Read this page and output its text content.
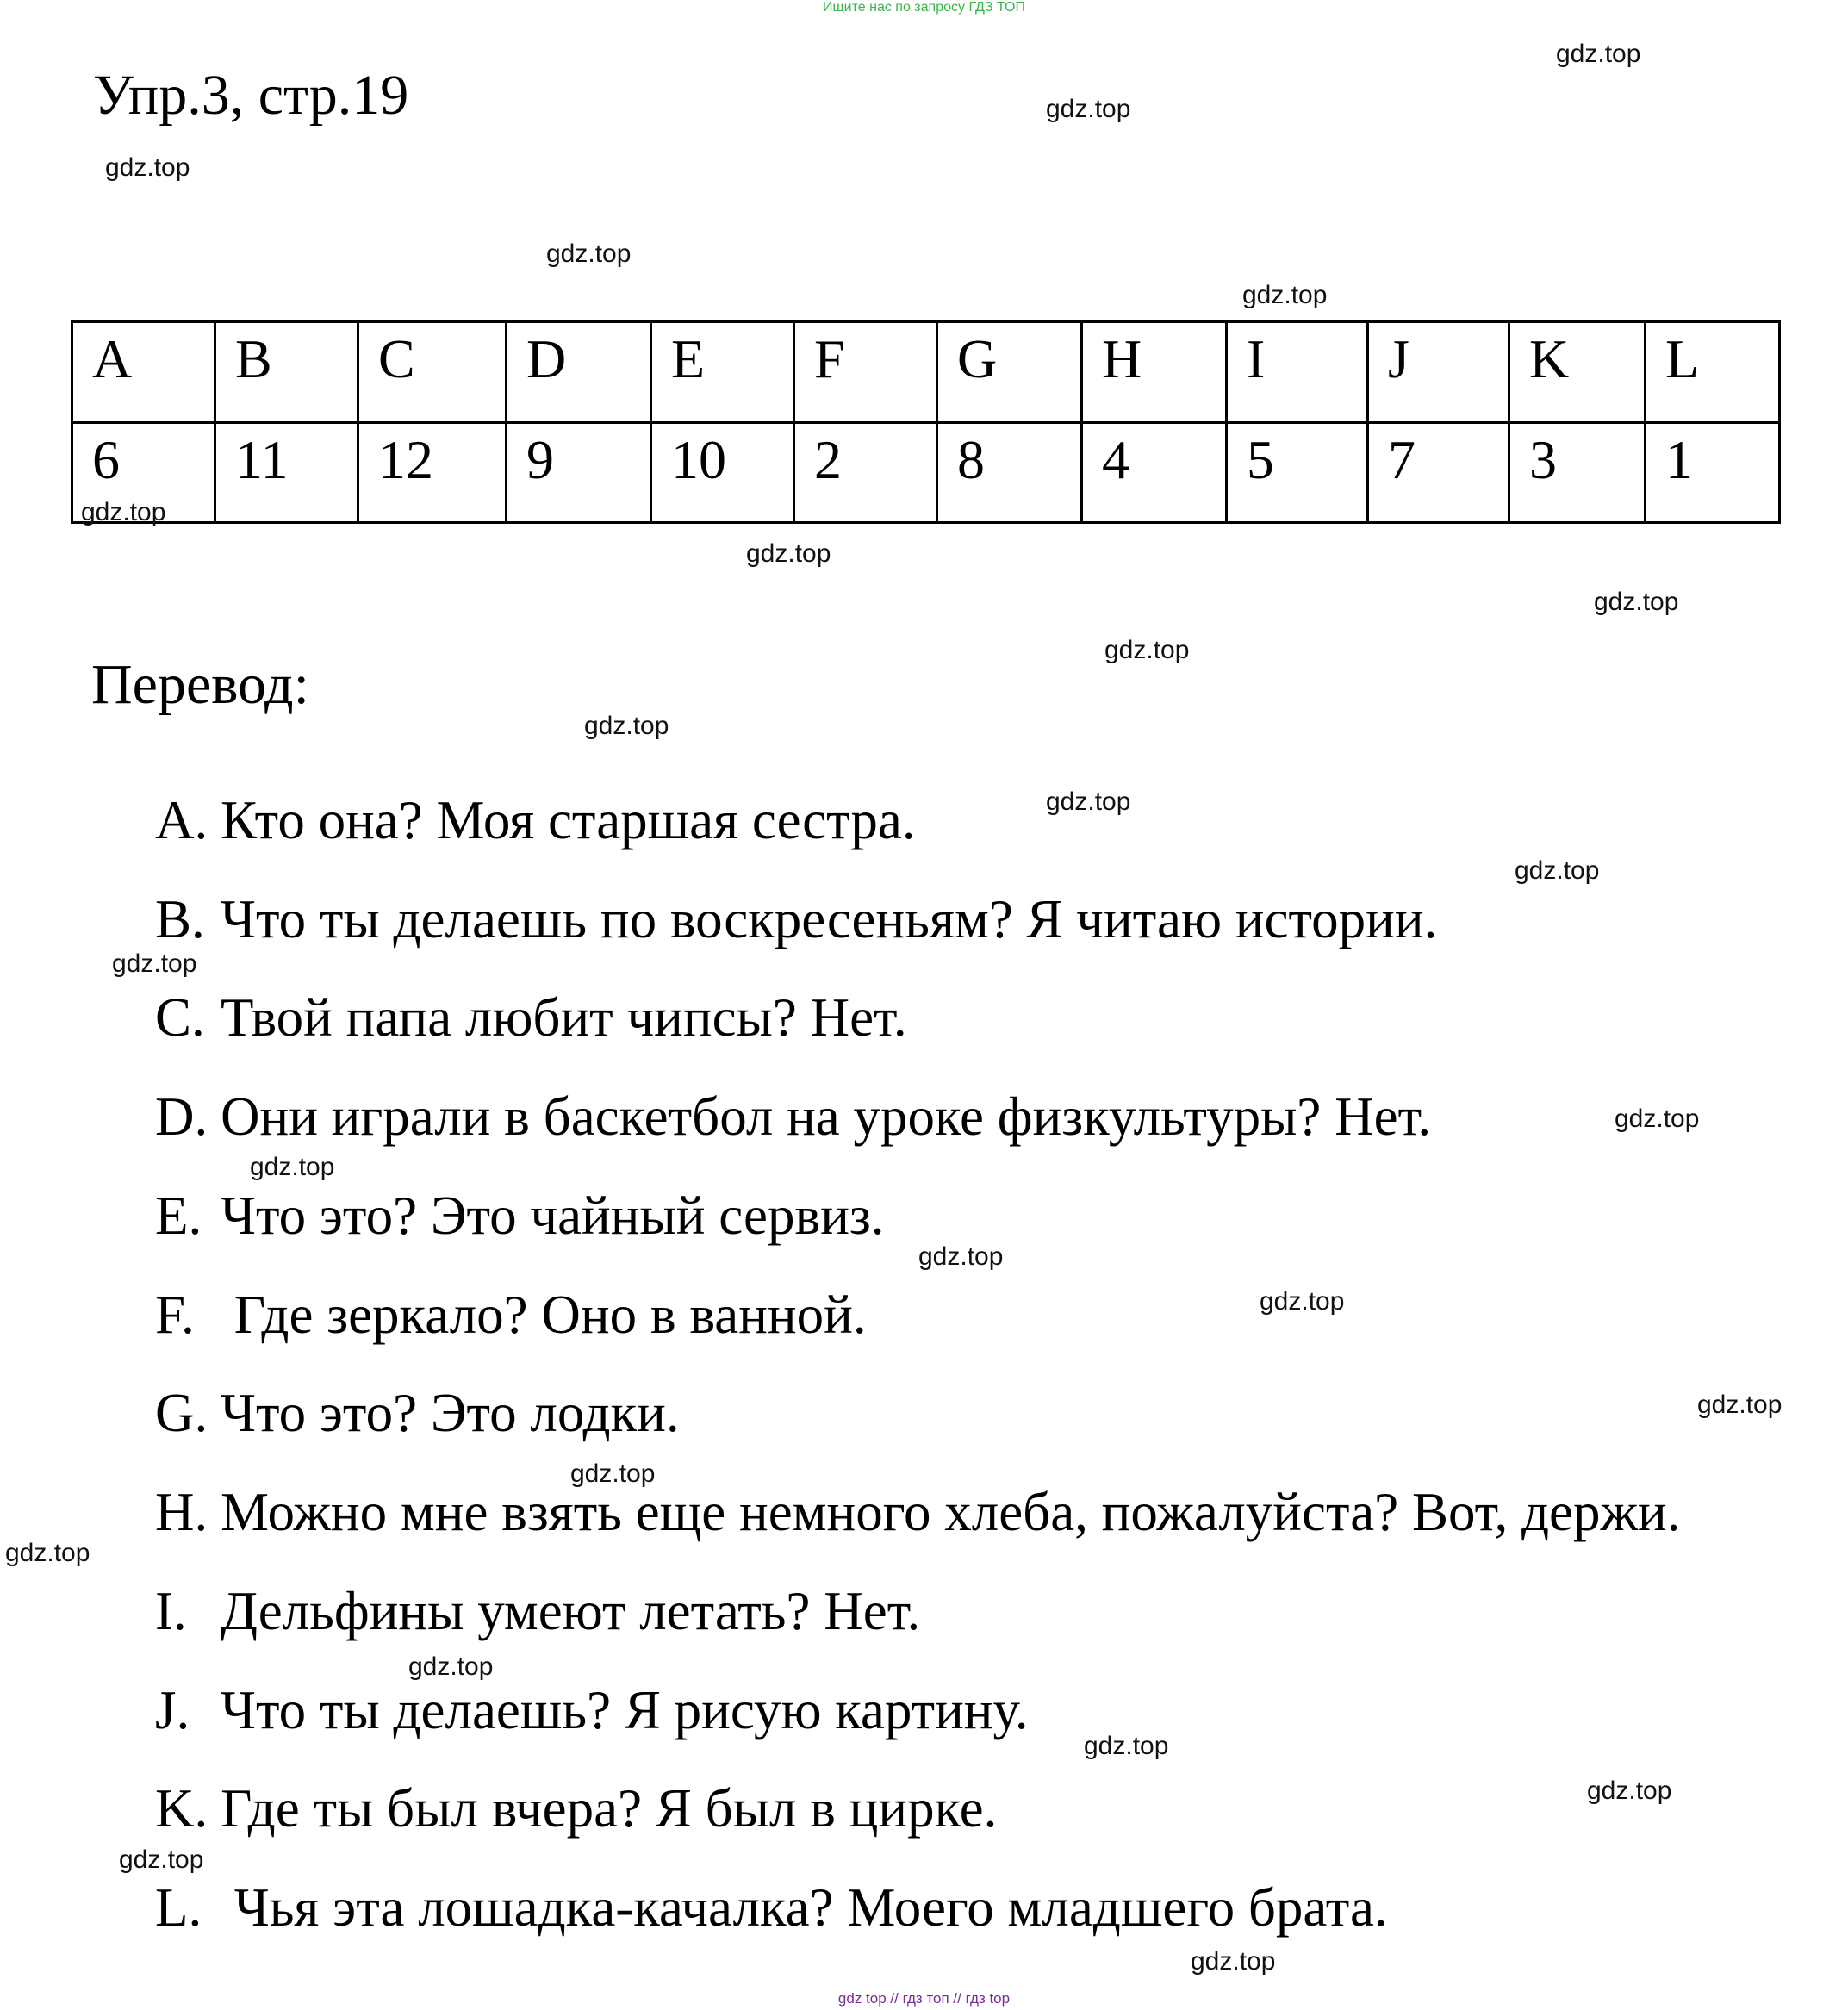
Ищите нас по запросу ГДЗ ТОП
Упр.3, стр.19
A	B	C	D	E	F	G	H	I	J	K	L
6	11	12	9	10	2	8	4	5	7	3	1
Перевод:
A. Кто она? Моя старшая сестра.
B. Что ты делаешь по воскресеньям? Я читаю истории.
C. Твой папа любит чипсы? Нет.
D. Они играли в баскетбол на уроке физкультуры? Нет.
E. Что это? Это чайный сервиз.
F. Где зеркало? Оно в ванной.
G. Что это? Это лодки.
H. Можно мне взять еще немного хлеба, пожалуйста? Вот, держи.
I. Дельфины умеют летать? Нет.
J. Что ты делаешь? Я рисую картину.
K. Где ты был вчера? Я был в цирке.
L. Чья эта лошадка-качалка? Моего младшего брата.
gdz.top
gdz.top
gdz.top
gdz.top
gdz.top
gdz.top
gdz.top
gdz.top
gdz.top
gdz.top
gdz.top
gdz.top
gdz.top
gdz.top
gdz.top
gdz.top
gdz.top
gdz.top
gdz.top
gdz.top
gdz.top
gdz.top
gdz.top
gdz.top
gdz.top
gdz top // гдз топ // гдз top
